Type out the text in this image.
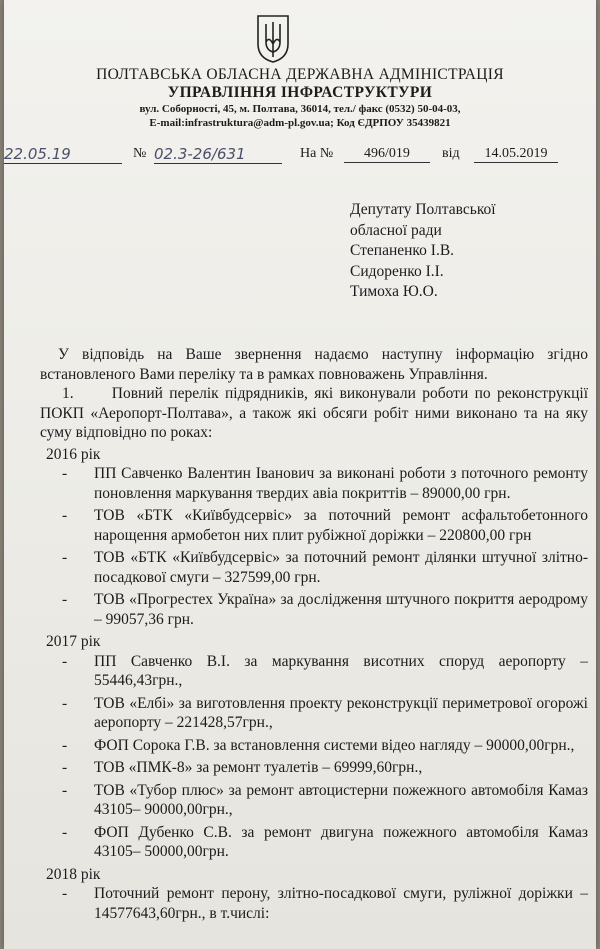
ПОЛТАВСЬКА ОБЛАСНА ДЕРЖАВНА АДМІНІСТРАЦІЯ
УПРАВЛІННЯ ІНФРАСТРУКТУРИ
вул. Соборності, 45, м. Полтава, 36014, тел./ факс (0532) 50-04-03,
E-mail:infrastruktura@adm-pl.gov.ua; Код ЄДРПОУ 35439821
22.05.19	№ 02.3-26/631	На №	496/019	від	14.05.2019
Депутату Полтавської
обласної ради
Степаненко І.В.
Сидоренко І.І.
Тимоха Ю.О.
У відповідь на Ваше звернення надаємо наступну інформацію згідно встановленого Вами переліку та в рамках повноважень Управління.
1.      Повний перелік підрядників, які виконували роботи по реконструкції ПОКП «Аеропорт-Полтава», а також які обсяги робіт ними виконано та на яку суму відповідно по роках:
2016 рік
- ПП Савченко Валентин Іванович за виконані роботи з поточного ремонту поновлення маркування твердих авіа покриттів – 89000,00 грн.
- ТОВ «БТК «Київбудсервіс» за поточний ремонт асфальтобетонного нарощення армобетон них плит рубіжної доріжки – 220800,00 грн
- ТОВ «БТК «Київбудсервіс» за поточний ремонт ділянки штучної злітно-посадкової смуги – 327599,00 грн.
- ТОВ «Прогрестех Україна» за дослідження штучного покриття аеродрому – 99057,36 грн.
2017 рік
- ПП Савченко В.І. за маркування висотних споруд аеропорту – 55446,43грн.,
- ТОВ «Елбі» за виготовлення проекту реконструкції периметрової огорожі аеропорту – 221428,57грн.,
- ФОП Сорока Г.В. за встановлення системи відео нагляду – 90000,00грн.,
- ТОВ «ПМК-8» за ремонт туалетів – 69999,60грн.,
- ТОВ «Тубор плюс» за ремонт автоцистерни пожежного автомобіля Камаз 43105– 90000,00грн.,
- ФОП Дубенко С.В. за ремонт двигуна пожежного автомобіля Камаз 43105– 50000,00грн.
2018 рік
- Поточний ремонт перону, злітно-посадкової смуги, руліжної доріжки – 14577643,60грн., в т.числі:
